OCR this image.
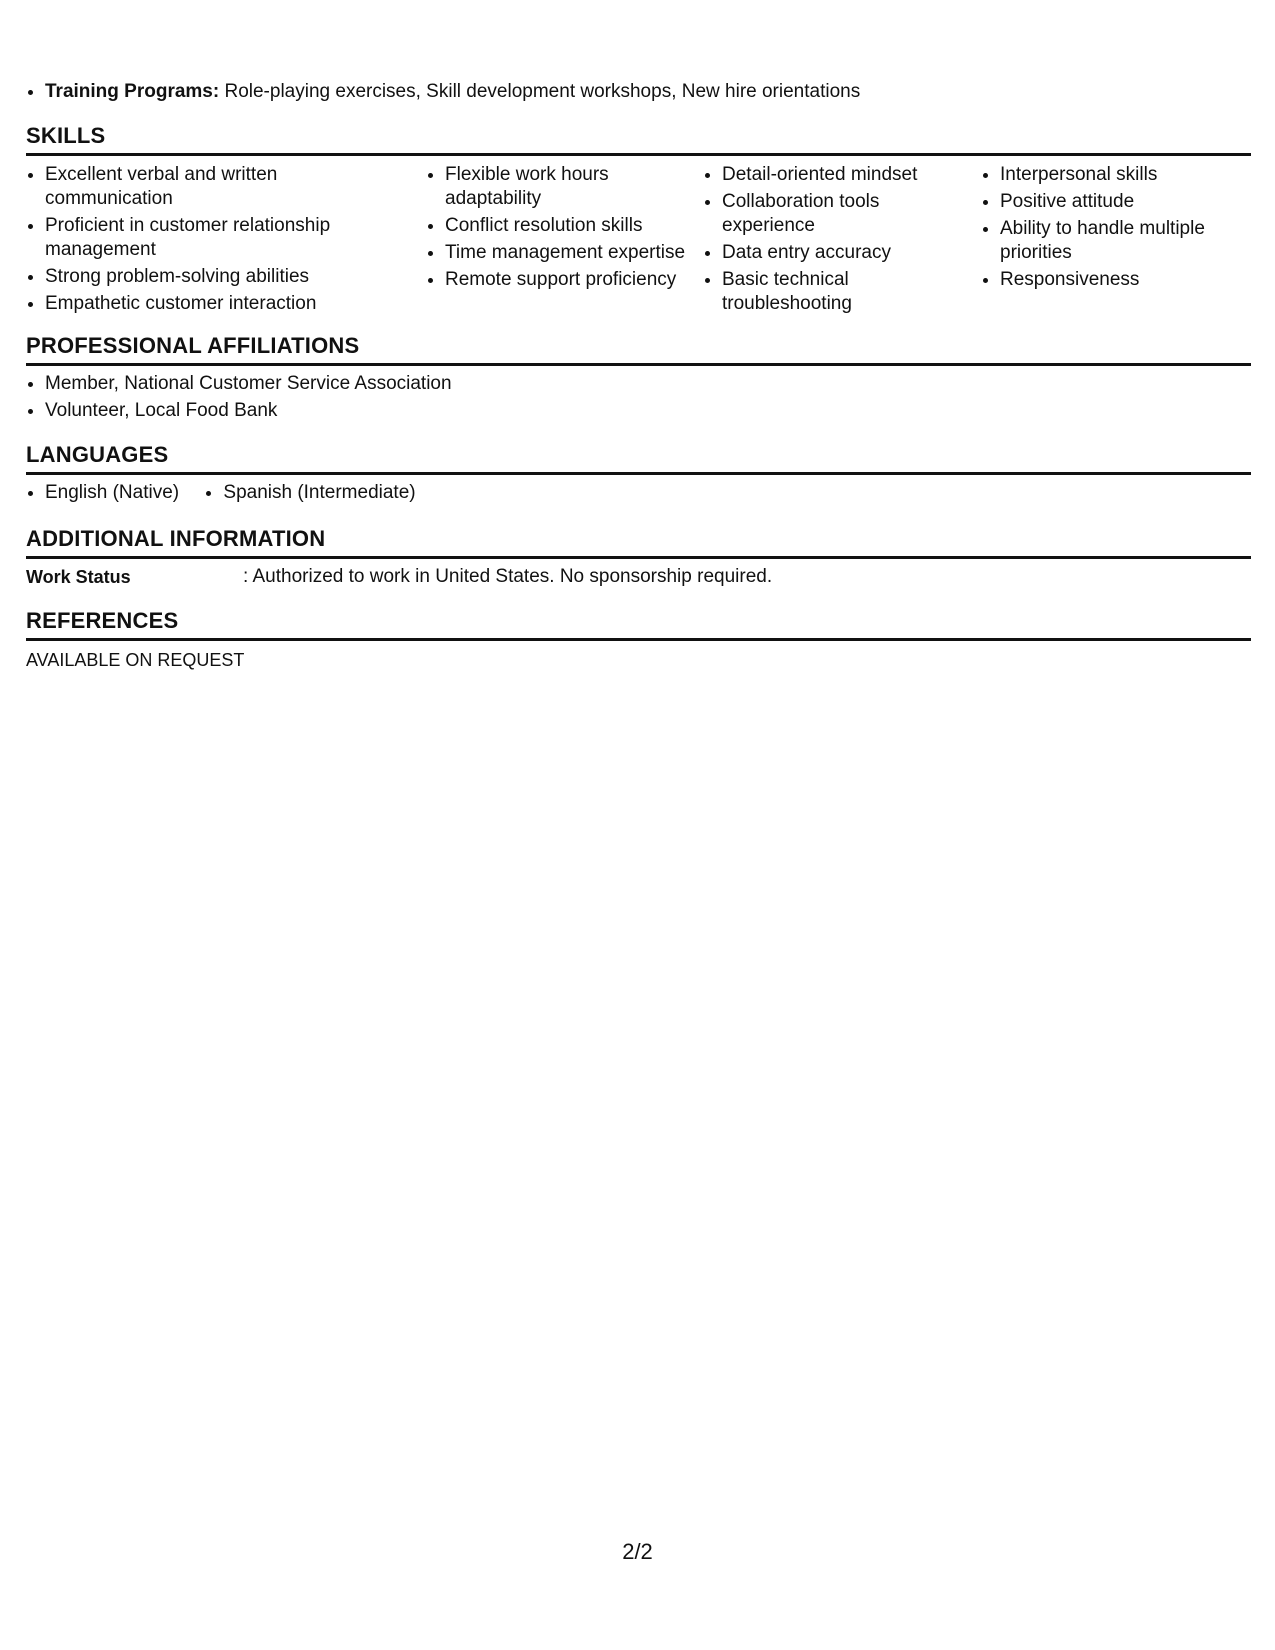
Training Programs: Role-playing exercises, Skill development workshops, New hire orientations
SKILLS
Excellent verbal and written communication
Proficient in customer relationship management
Strong problem-solving abilities
Empathetic customer interaction
Flexible work hours adaptability
Conflict resolution skills
Time management expertise
Remote support proficiency
Detail-oriented mindset
Collaboration tools experience
Data entry accuracy
Basic technical troubleshooting
Interpersonal skills
Positive attitude
Ability to handle multiple priorities
Responsiveness
PROFESSIONAL AFFILIATIONS
Member, National Customer Service Association
Volunteer, Local Food Bank
LANGUAGES
English (Native) Spanish (Intermediate)
ADDITIONAL INFORMATION
Work Status	: Authorized to work in United States. No sponsorship required.
REFERENCES
AVAILABLE ON REQUEST
2/2
